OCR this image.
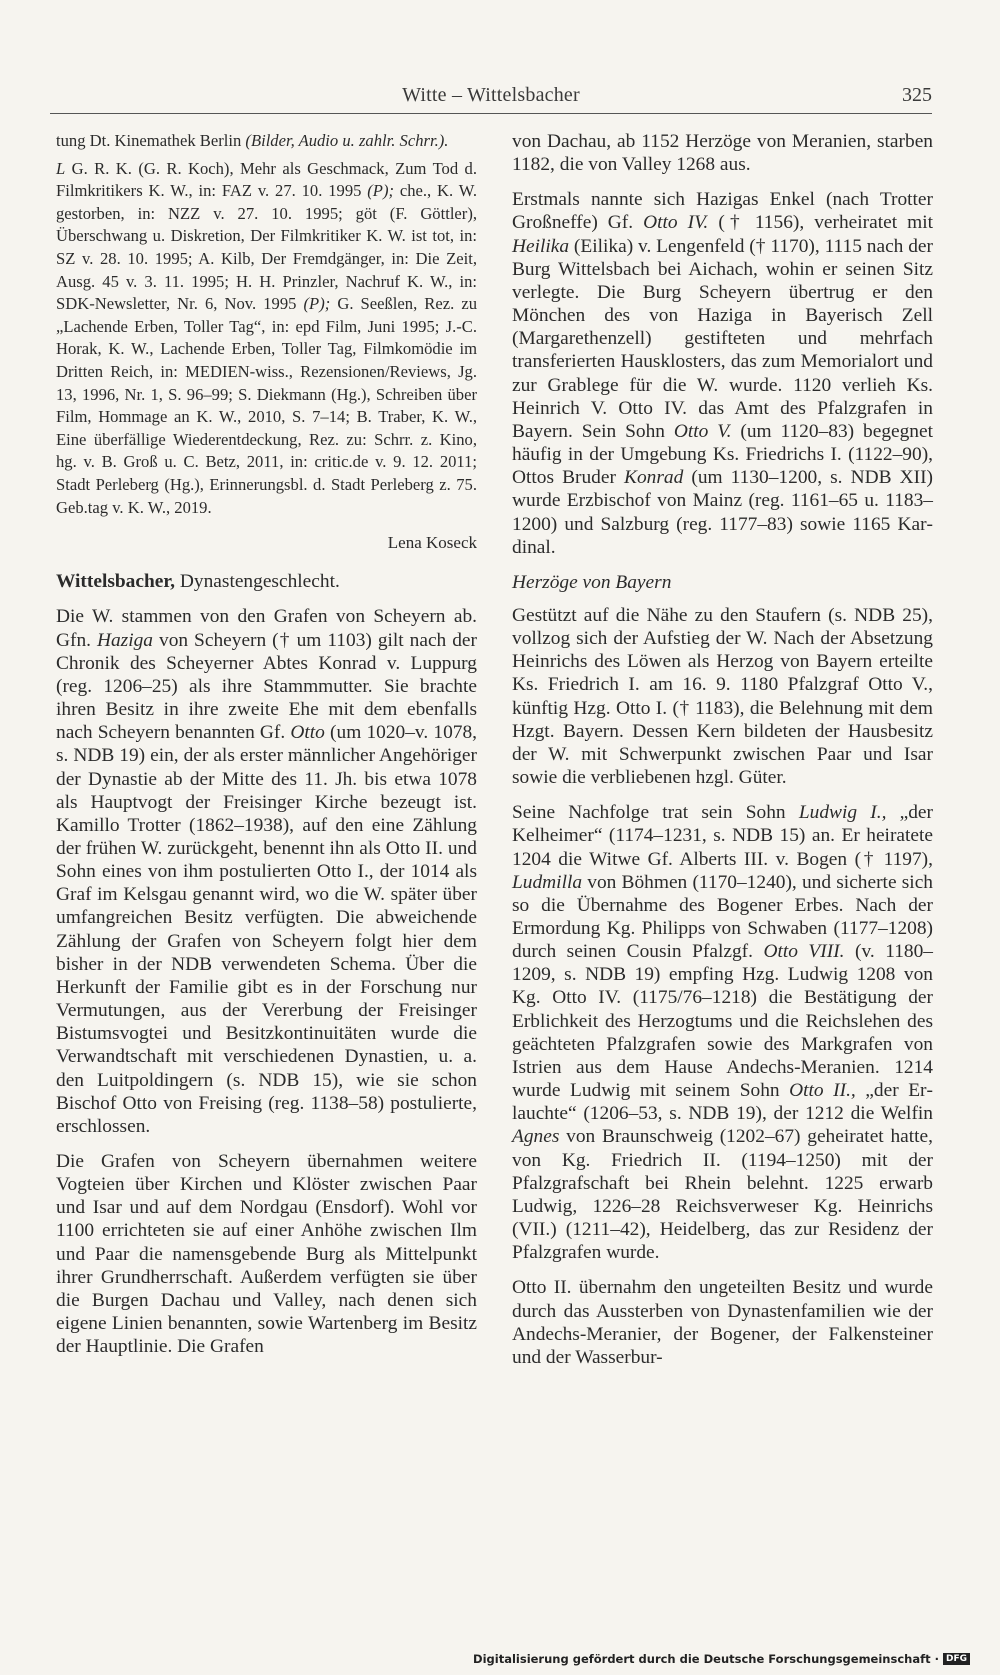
Witte – Wittelsbacher	325

tung Dt. Kinemathek Berlin (Bilder, Audio u. zahlr. Schrr.).

L G. R. K. (G. R. Koch), Mehr als Geschmack, Zum Tod d. Filmkritikers K. W., in: FAZ v. 27. 10. 1995 (P); che., K. W. gestorben, in: NZZ v. 27. 10. 1995; göt (F. Göttler), Überschwang u. Diskretion, Der Filmkritiker K. W. ist tot, in: SZ v. 28. 10. 1995; A. Kilb, Der Fremdgänger, in: Die Zeit, Ausg. 45 v. 3. 11. 1995; H. H. Prinzler, Nachruf K. W., in: SDK-Newsletter, Nr. 6, Nov. 1995 (P); G. Seeßlen, Rez. zu „Lachende Erben, Toller Tag“, in: epd Film, Juni 1995; J.-C. Horak, K. W., Lachende Erben, Toller Tag, Filmkomödie im Dritten Reich, in: MEDIEN-wiss., Rezensionen/Reviews, Jg. 13, 1996, Nr. 1, S. 96–99; S. Diekmann (Hg.), Schreiben über Film, Hommage an K. W., 2010, S. 7–14; B. Traber, K. W., Eine überfällige Wiederentdeckung, Rez. zu: Schrr. z. Kino, hg. v. B. Groß u. C. Betz, 2011, in: critic.de v. 9. 12. 2011; Stadt Perleberg (Hg.), Erinnerungsbl. d. Stadt Perleberg z. 75. Geb.tag v. K. W., 2019.

Lena Koseck

Wittelsbacher, Dynastengeschlecht.

Die W. stammen von den Grafen von Scheyern ab. Gfn. Haziga von Scheyern († um 1103) gilt nach der Chronik des Scheyerner Abtes Konrad v. Luppurg (reg. 1206–25) als ihre Stammmutter. Sie brachte ihren Besitz in ihre zweite Ehe mit dem ebenfalls nach Scheyern benannten Gf. Otto (um 1020–v. 1078, s. NDB 19) ein, der als erster männlicher Angehöriger der Dynastie ab der Mitte des 11. Jh. bis etwa 1078 als Hauptvogt der Freisinger Kirche bezeugt ist. Kamillo Trotter (1862–1938), auf den eine Zählung der frühen W. zurückgeht, benennt ihn als Otto II. und Sohn eines von ihm postulierten Otto I., der 1014 als Graf im Kelsgau genannt wird, wo die W. später über umfangreichen Besitz verfügten. Die abweichende Zählung der Grafen von Scheyern folgt hier dem bisher in der NDB verwendeten Schema. Über die Herkunft der Familie gibt es in der Forschung nur Vermutungen, aus der Vererbung der Freisinger Bistumsvogtei und Besitzkontinuitäten wurde die Verwandtschaft mit verschiedenen Dynastien, u. a. den Luitpoldingern (s. NDB 15), wie sie schon Bischof Otto von Freising (reg. 1138–58) postulierte, erschlossen.

Die Grafen von Scheyern übernahmen weitere Vogteien über Kirchen und Klöster zwischen Paar und Isar und auf dem Nordgau (Ensdorf). Wohl vor 1100 errichteten sie auf einer Anhöhe zwischen Ilm und Paar die namensgebende Burg als Mittelpunkt ihrer Grundherrschaft. Außerdem verfügten sie über die Burgen Dachau und Valley, nach denen sich eigene Linien benannten, sowie Wartenberg im Besitz der Hauptlinie. Die Grafen

von Dachau, ab 1152 Herzöge von Meranien, starben 1182, die von Valley 1268 aus.

Erstmals nannte sich Hazigas Enkel (nach Trotter Großneffe) Gf. Otto IV. († 1156), verheiratet mit Heilika (Eilika) v. Lengenfeld († 1170), 1115 nach der Burg Wittelsbach bei Aichach, wohin er seinen Sitz verlegte. Die Burg Scheyern übertrug er den Mönchen des von Haziga in Bayerisch Zell (Margarethenzell) gestifteten und mehrfach transferierten Hausklosters, das zum Memorialort und zur Grablege für die W. wurde. 1120 verlieh Ks. Heinrich V. Otto IV. das Amt des Pfalzgrafen in Bayern. Sein Sohn Otto V. (um 1120–83) begegnet häufig in der Umgebung Ks. Friedrichs I. (1122–90), Ottos Bruder Konrad (um 1130–1200, s. NDB XII) wurde Erzbischof von Mainz (reg. 1161–65 u. 1183–1200) und Salzburg (reg. 1177–83) sowie 1165 Kardinal.

Herzöge von Bayern

Gestützt auf die Nähe zu den Staufern (s. NDB 25), vollzog sich der Aufstieg der W. Nach der Absetzung Heinrichs des Löwen als Herzog von Bayern erteilte Ks. Friedrich I. am 16. 9. 1180 Pfalzgraf Otto V., künftig Hzg. Otto I. († 1183), die Belehnung mit dem Hzgt. Bayern. Dessen Kern bildeten der Hausbesitz der W. mit Schwerpunkt zwischen Paar und Isar sowie die verbliebenen hzgl. Güter.

Seine Nachfolge trat sein Sohn Ludwig I., „der Kelheimer“ (1174–1231, s. NDB 15) an. Er heiratete 1204 die Witwe Gf. Alberts III. v. Bogen († 1197), Ludmilla von Böhmen (1170–1240), und sicherte sich so die Übernahme des Bogener Erbes. Nach der Ermordung Kg. Philipps von Schwaben (1177–1208) durch seinen Cousin Pfalzgf. Otto VIII. (v. 1180–1209, s. NDB 19) empfing Hzg. Ludwig 1208 von Kg. Otto IV. (1175/76–1218) die Bestätigung der Erblichkeit des Herzogtums und die Reichslehen des geächteten Pfalzgrafen sowie des Markgrafen von Istrien aus dem Hause Andechs-Meranien. 1214 wurde Ludwig mit seinem Sohn Otto II., „der Erlauchte“ (1206–53, s. NDB 19), der 1212 die Welfin Agnes von Braunschweig (1202–67) geheiratet hatte, von Kg. Friedrich II. (1194–1250) mit der Pfalzgrafschaft bei Rhein belehnt. 1225 erwarb Ludwig, 1226–28 Reichsverweser Kg. Heinrichs (VII.) (1211–42), Heidelberg, das zur Residenz der Pfalzgrafen wurde.

Otto II. übernahm den ungeteilten Besitz und wurde durch das Aussterben von Dynastenfamilien wie der Andechs-Meranier, der Bogener, der Falkensteiner und der Wasserbur-

Digitalisierung gefördert durch die Deutsche Forschungsgemeinschaft · DFG
